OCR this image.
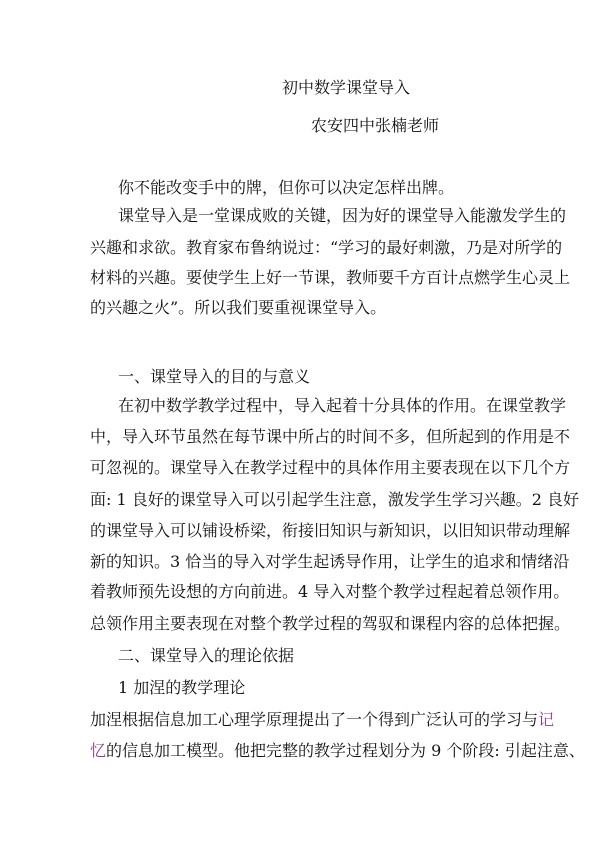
初中数学课堂导入

农安四中张楠老师

你不能改变手中的牌，但你可以决定怎样出牌。

课堂导入是一堂课成败的关键，因为好的课堂导入能激发学生的

兴趣和求欲。教育家布鲁纳说过：“学习的最好刺激，乃是对所学的

材料的兴趣。要使学生上好一节课，教师要千方百计点燃学生心灵上

的兴趣之火”。所以我们要重视课堂导入。

一、课堂导入的目的与意义

在初中数学教学过程中，导入起着十分具体的作用。在课堂教学

中，导入环节虽然在每节课中所占的时间不多，但所起到的作用是不

可忽视的。课堂导入在教学过程中的具体作用主要表现在以下几个方

面: 1 良好的课堂导入可以引起学生注意，激发学生学习兴趣。2 良好

的课堂导入可以铺设桥梁，衔接旧知识与新知识，以旧知识带动理解

新的知识。3 恰当的导入对学生起诱导作用，让学生的追求和情绪沿

着教师预先设想的方向前进。4 导入对整个教学过程起着总领作用。

总领作用主要表现在对整个教学过程的驾驭和课程内容的总体把握。

二、课堂导入的理论依据

1 加涅的教学理论

加涅根据信息加工心理学原理提出了一个得到广泛认可的学习与记

忆的信息加工模型。他把完整的教学过程划分为 9 个阶段: 引起注意、
